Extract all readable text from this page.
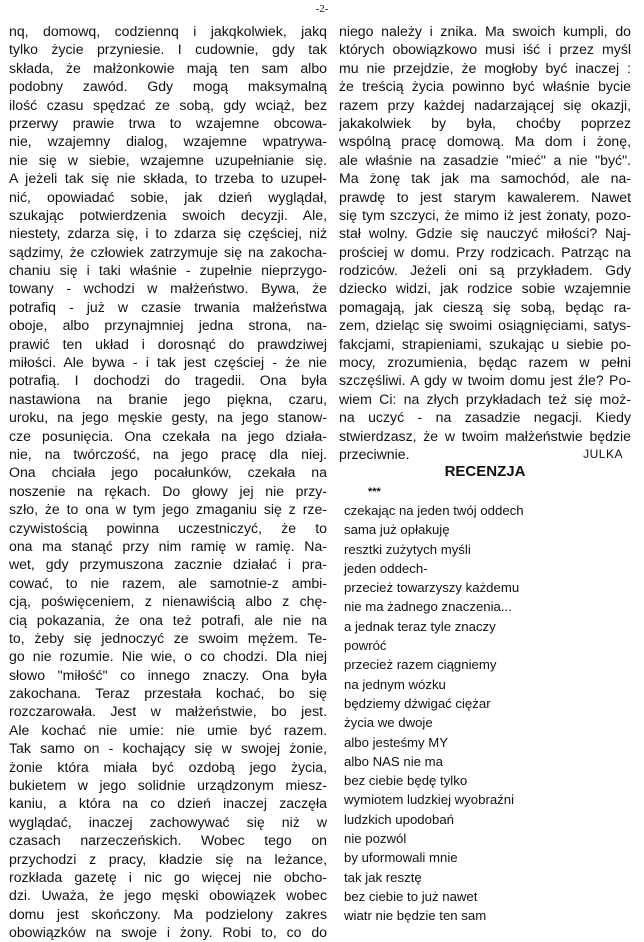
-2-
nq, domowq, codziennq i jakqkolwiek, jakq
tylko życie przyniesie. I cudownie, gdy tak
składa, że małżonkowie mają ten sam albo
podobny zawód. Gdy mogą maksymalną
ilość czasu spędzać ze sobą, gdy wciąż, bez
przerwy prawie trwa to wzajemne obcowa-
nie, wzajemny dialog, wzajemne wpatrywa-
nie się w siebie, wzajemne uzupełnianie się.
A jeżeli tak się nie składa, to trzeba to uzupeł-
nić, opowiadać sobie, jak dzień wyglądał,
szukając potwierdzenia swoich decyzji. Ale,
niestety, zdarza się, i to zdarza się częściej, niż
sądzimy, że człowiek zatrzymuje się na zakocha-
chaniu się i taki właśnie - zupełnie nieprzygo-
towany - wchodzi w małżeństwo. Bywa, że
potrafiq - już w czasie trwania małżeństwa
oboje, albo przynajmniej jedna strona, na-
prawić ten układ i dorosnąć do prawdziwej
miłości. Ale bywa - i tak jest częściej - że nie
potrafią. I dochodzi do tragedii. Ona była
nastawiona na branie jego piękna, czaru,
uroku, na jego męskie gesty, na jego stanow-
cze posunięcia. Ona czekała na jego działa-
nie, na twórczość, na jego pracę dla niej.
Ona chciała jego pocałunków, czekała na
noszenie na rękach. Do głowy jej nie przy-
szło, że to ona w tym jego zmaganiu się z rze-
czywistością powinna uczestniczyć, że to
ona ma stanąć przy nim ramię w ramię. Na-
wet, gdy przymuszona zacznie działać i pra-
cować, to nie razem, ale samotnie-z ambi-
cją, poświęceniem, z nienawiścią albo z chę-
cią pokazania, że ona też potrafi, ale nie na
to, żeby się jednoczyć ze swoim mężem. Te-
go nie rozumie. Nie wie, o co chodzi. Dla niej
słowo "miłość" co innego znaczy. Ona była
zakochana. Teraz przestała kochać, bo się
rozczarowała. Jest w małżeństwie, bo jest.
Ale kochać nie umie: nie umie być razem.
Tak samo on - kochający się w swojej żonie,
żonie która miała być ozdobą jego życia,
bukietem w jego solidnie urządzonym miesz-
kaniu, a która na co dzień inaczej zaczęła
wyglądać, inaczej zachowywać się niż w
czasach narzeczeńskich. Wobec tego on
przychodzi z pracy, kładzie się na leżance,
rozkłada gazetę i nic go więcej nie obcho-
dzi. Uważa, że jego męski obowiązek wobec
domu jest skończony. Ma podzielony zakres
obowiązków na swoje i żony. Robi to, co do
niego należy i znika. Ma swoich kumpli, do
których obowiązkowo musi iść i przez myśl
mu nie przejdzie, że mogłoby być inaczej :
że treścią życia powinno być właśnie bycie
razem przy każdej nadarzającej się okazji,
jakakolwiek by była, choćby poprzez
wspólną pracę domową. Ma dom i żonę,
ale właśnie na zasadzie "mieć" a nie "być".
Ma żonę tak jak ma samochód, ale na-
prawdę to jest starym kawalerem. Nawet
się tym szczyci, że mimo iż jest żonaty, pozo-
stał wolny. Gdzie się nauczyć miłości? Naj-
prościej w domu. Przy rodzicach. Patrząc na
rodziców. Jeżeli oni są przykładem. Gdy
dziecko widzi, jak rodzice sobie wzajemnie
pomagają, jak cieszą się sobą, będąc ra-
zem, dzieląc się swoimi osiągnięciami, satys-
fakcjami, strapieniami, szukając u siebie po-
mocy, zrozumienia, będąc razem w pełni
szczęśliwi. A gdy w twoim domu jest źle? Po-
wiem Ci: na złych przykładach też się moż-
na uczyć - na zasadzie negacji. Kiedy
stwierdzasz, że w twoim małżeństwie będzie
przeciwnie.	JULKA
RECENZJA
***
czekając na jeden twój oddech
sama już opłakuję
resztki zużytych myśli
jeden oddech-
przecież towarzyszy każdemu
nie ma żadnego znaczenia...
a jednak teraz tyle znaczy
powróć
przecież razem ciągniemy
na jednym wózku
będziemy dźwigać ciężar
życia we dwoje
albo jesteśmy MY
albo NAS nie ma
bez ciebie będę tylko
wymiotem ludzkiej wyobraźni
ludzkich upodobań
nie pozwól
by uformowali mnie
tak jak resztę
bez ciebie to już nawet
wiatr nie będzie ten sam
